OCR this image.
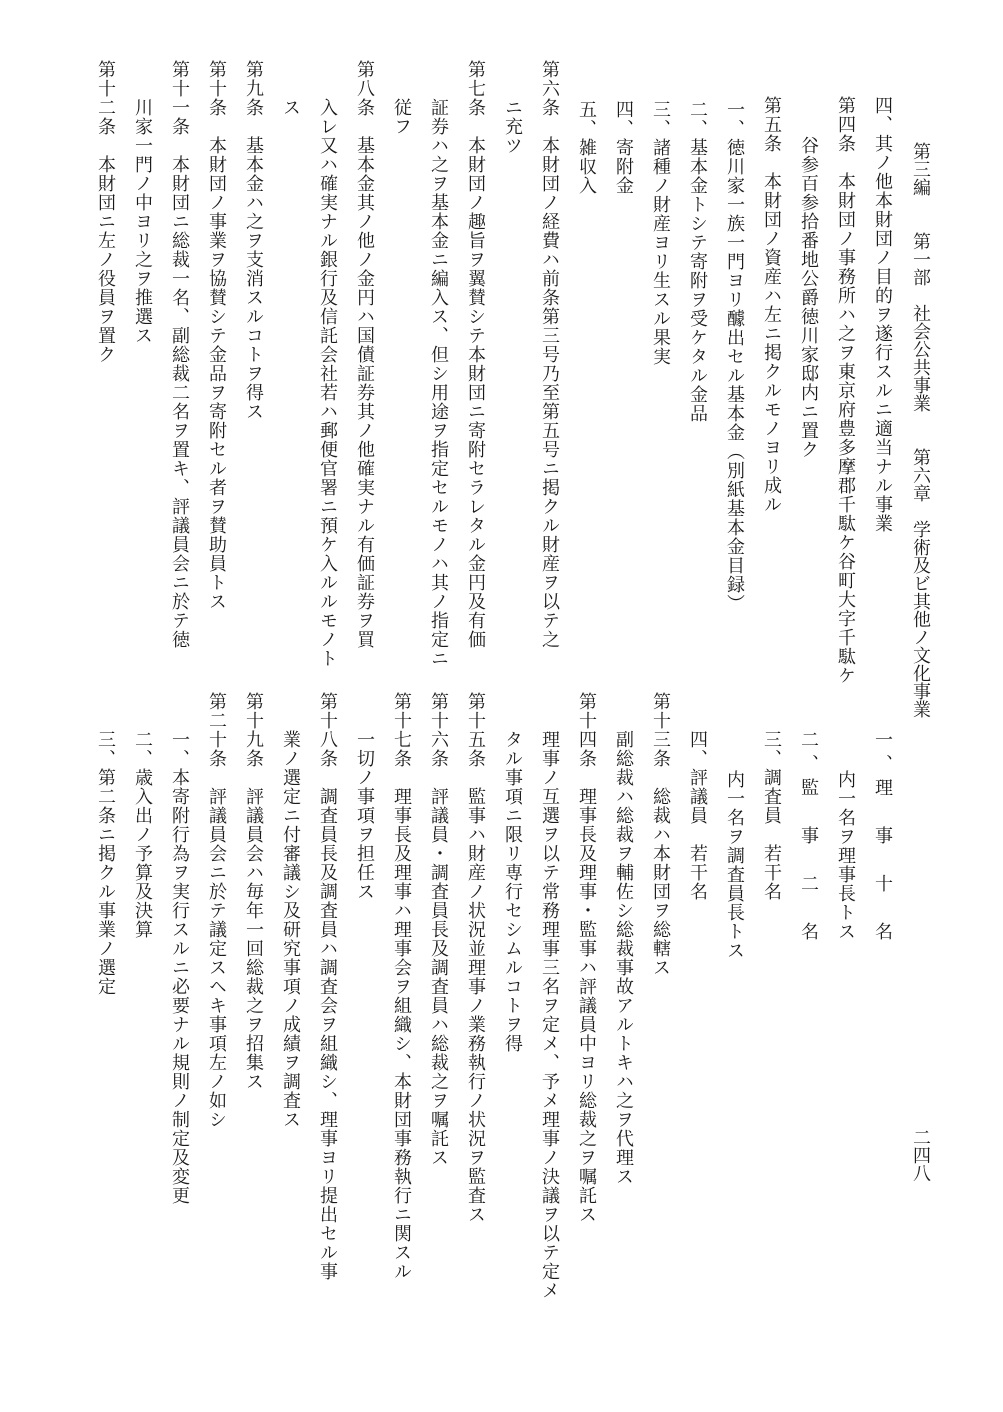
第三編　　第一部　社会公共事業　　第六章　学術及ビ其他ノ文化事業
二四八
四、其ノ他本財団ノ目的ヲ遂行スルニ適当ナル事業
第四条　本財団ノ事務所ハ之ヲ東京府豊多摩郡千駄ケ谷町大字千駄ケ
谷参百参拾番地公爵徳川家邸内ニ置ク
第五条　本財団ノ資産ハ左ニ掲クルモノヨリ成ル
一、徳川家一族一門ヨリ醵出セル基本金（別紙基本金目録）
二、基本金トシテ寄附ヲ受ケタル金品
三、諸種ノ財産ヨリ生スル果実
四、寄附金
五、雑収入
第六条　本財団ノ経費ハ前条第三号乃至第五号ニ掲クル財産ヲ以テ之
ニ充ツ
第七条　本財団ノ趣旨ヲ翼賛シテ本財団ニ寄附セラレタル金円及有価
証券ハ之ヲ基本金ニ編入ス、但シ用途ヲ指定セルモノハ其ノ指定ニ
従フ
第八条　基本金其ノ他ノ金円ハ国債証券其ノ他確実ナル有価証券ヲ買
入レ又ハ確実ナル銀行及信託会社若ハ郵便官署ニ預ケ入ルルモノト
ス
第九条　基本金ハ之ヲ支消スルコトヲ得ス
第十条　本財団ノ事業ヲ協賛シテ金品ヲ寄附セル者ヲ賛助員トス
第十一条　本財団ニ総裁一名、副総裁二名ヲ置キ、評議員会ニ於テ徳
川家一門ノ中ヨリ之ヲ推選ス
第十二条　本財団ニ左ノ役員ヲ置ク
一、理　事　十　名
内一名ヲ理事長トス
二、監　事　二　名
三、調査員　若干名
内一名ヲ調査員長トス
四、評議員　若干名
第十三条　総裁ハ本財団ヲ総轄ス
副総裁ハ総裁ヲ輔佐シ総裁事故アルトキハ之ヲ代理ス
第十四条　理事長及理事・監事ハ評議員中ヨリ総裁之ヲ嘱託ス
理事ノ互選ヲ以テ常務理事三名ヲ定メ、予メ理事ノ決議ヲ以テ定メ
タル事項ニ限リ専行セシムルコトヲ得
第十五条　監事ハ財産ノ状況並理事ノ業務執行ノ状況ヲ監査ス
第十六条　評議員・調査員長及調査員ハ総裁之ヲ嘱託ス
第十七条　理事長及理事ハ理事会ヲ組織シ、本財団事務執行ニ関スル
一切ノ事項ヲ担任ス
第十八条　調査員長及調査員ハ調査会ヲ組織シ、理事ヨリ提出セル事
業ノ選定ニ付審議シ及研究事項ノ成績ヲ調査ス
第十九条　評議員会ハ毎年一回総裁之ヲ招集ス
第二十条　評議員会ニ於テ議定スヘキ事項左ノ如シ
一、本寄附行為ヲ実行スルニ必要ナル規則ノ制定及変更
二、歳入出ノ予算及決算
三、第二条ニ掲クル事業ノ選定
